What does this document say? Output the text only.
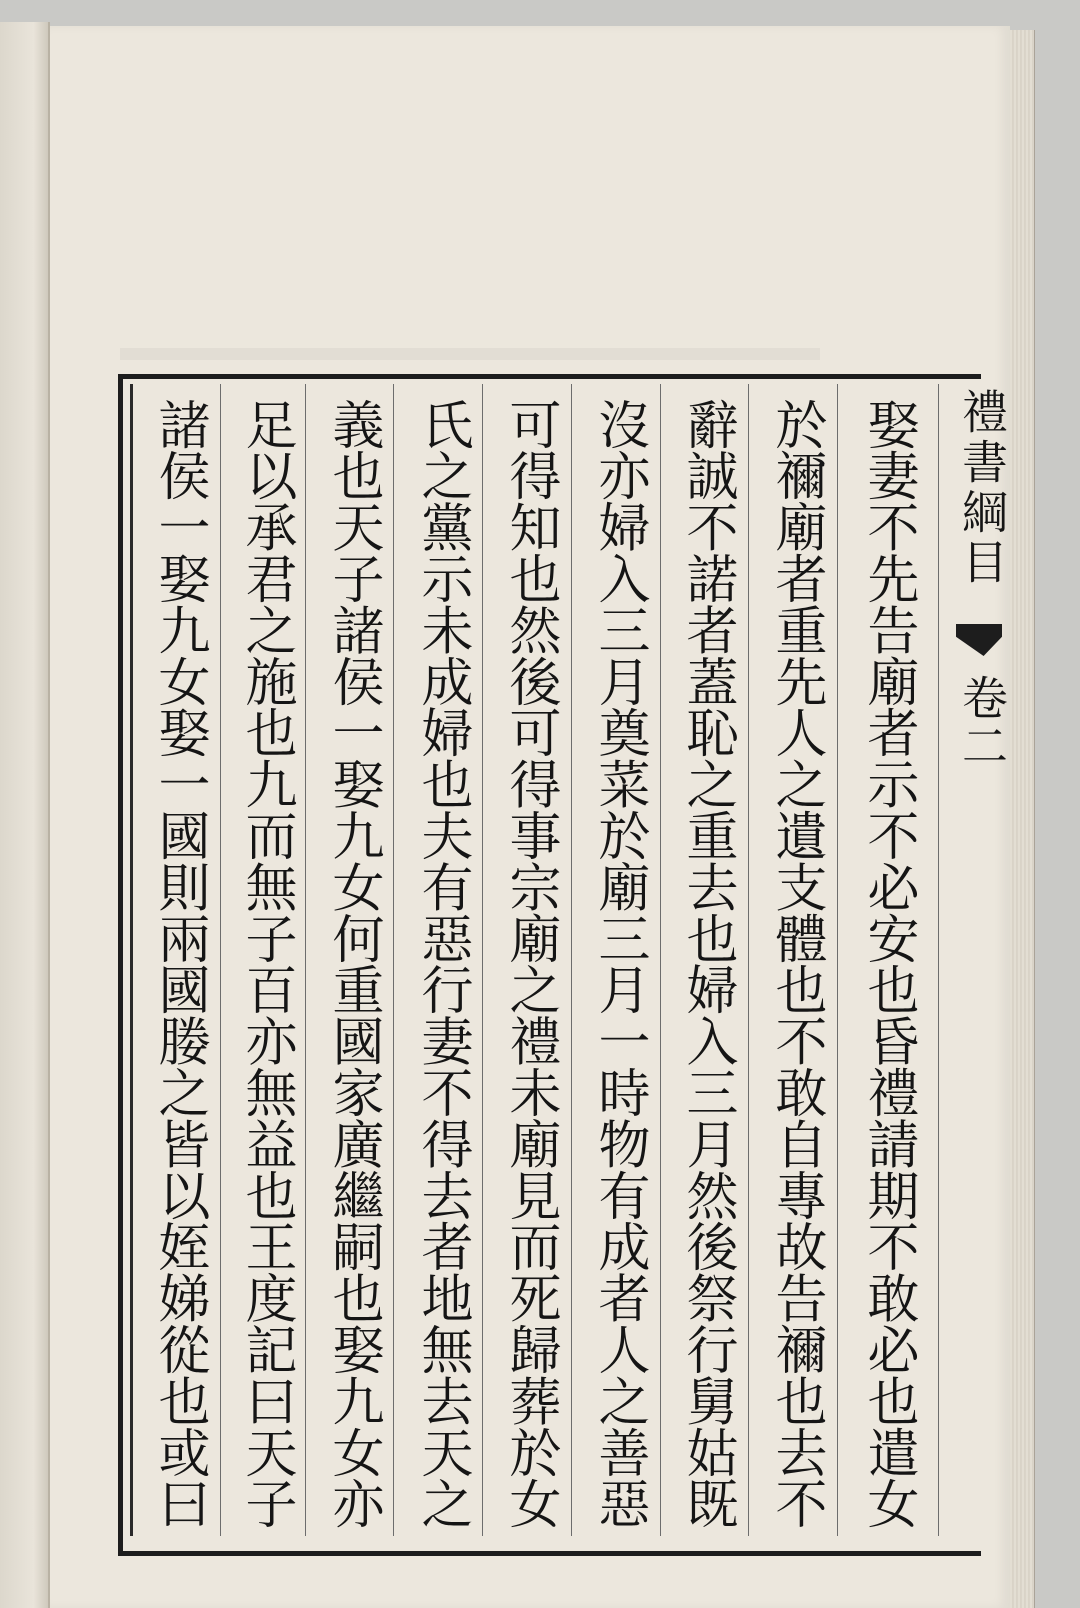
禮書綱目
卷二
娶妻不先告廟者示不必安也昏禮請期不敢必也遣女
於禰廟者重先人之遺支體也不敢自專故告禰也去不
辭誠不諾者蓋恥之重去也婦入三月然後祭行舅姑既
沒亦婦入三月奠菜於廟三月一時物有成者人之善惡
可得知也然後可得事宗廟之禮未廟見而死歸葬於女
氏之黨示未成婦也夫有惡行妻不得去者地無去天之
義也天子諸侯一娶九女何重國家廣繼嗣也娶九女亦
足以承君之施也九而無子百亦無益也王度記曰天子
諸侯一娶九女娶一國則兩國媵之皆以姪娣從也或曰
